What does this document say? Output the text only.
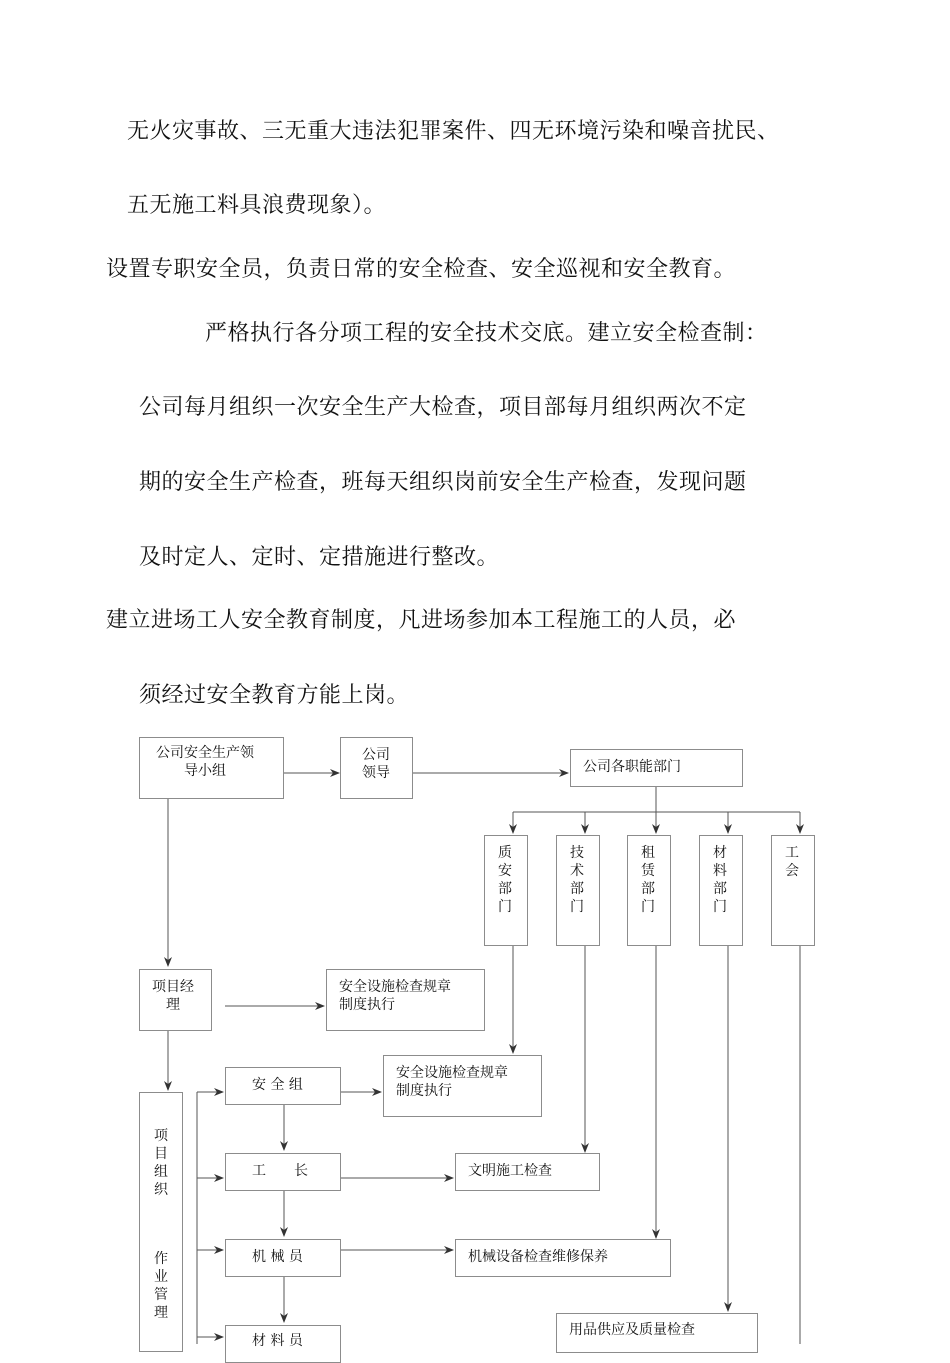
无火灾事故、三无重大违法犯罪案件、四无环境污染和噪音扰民、
五无施工料具浪费现象）。
设置专职安全员，负责日常的安全检查、安全巡视和安全教育。
严格执行各分项工程的安全技术交底。建立安全检查制：
公司每月组织一次安全生产大检查，项目部每月组织两次不定
期的安全生产检查，班每天组织岗前安全生产检查，发现问题
及时定人、定时、定措施进行整改。
建立进场工人安全教育制度，凡进场参加本工程施工的人员，必
须经过安全教育方能上岗。
公司安全生产领
导小组
公司
领导	公司各职能部门
质安部门
技术部门
租赁部门
材料部门
工会
项目经
理
安全设施检查规章
制度执行
项目组织
作业管理
安 全 组
安全设施检查规章
制度执行
工　　长	文明施工检查
机 械 员	机械设备检查维修保养
用品供应及质量检查
材 料 员
